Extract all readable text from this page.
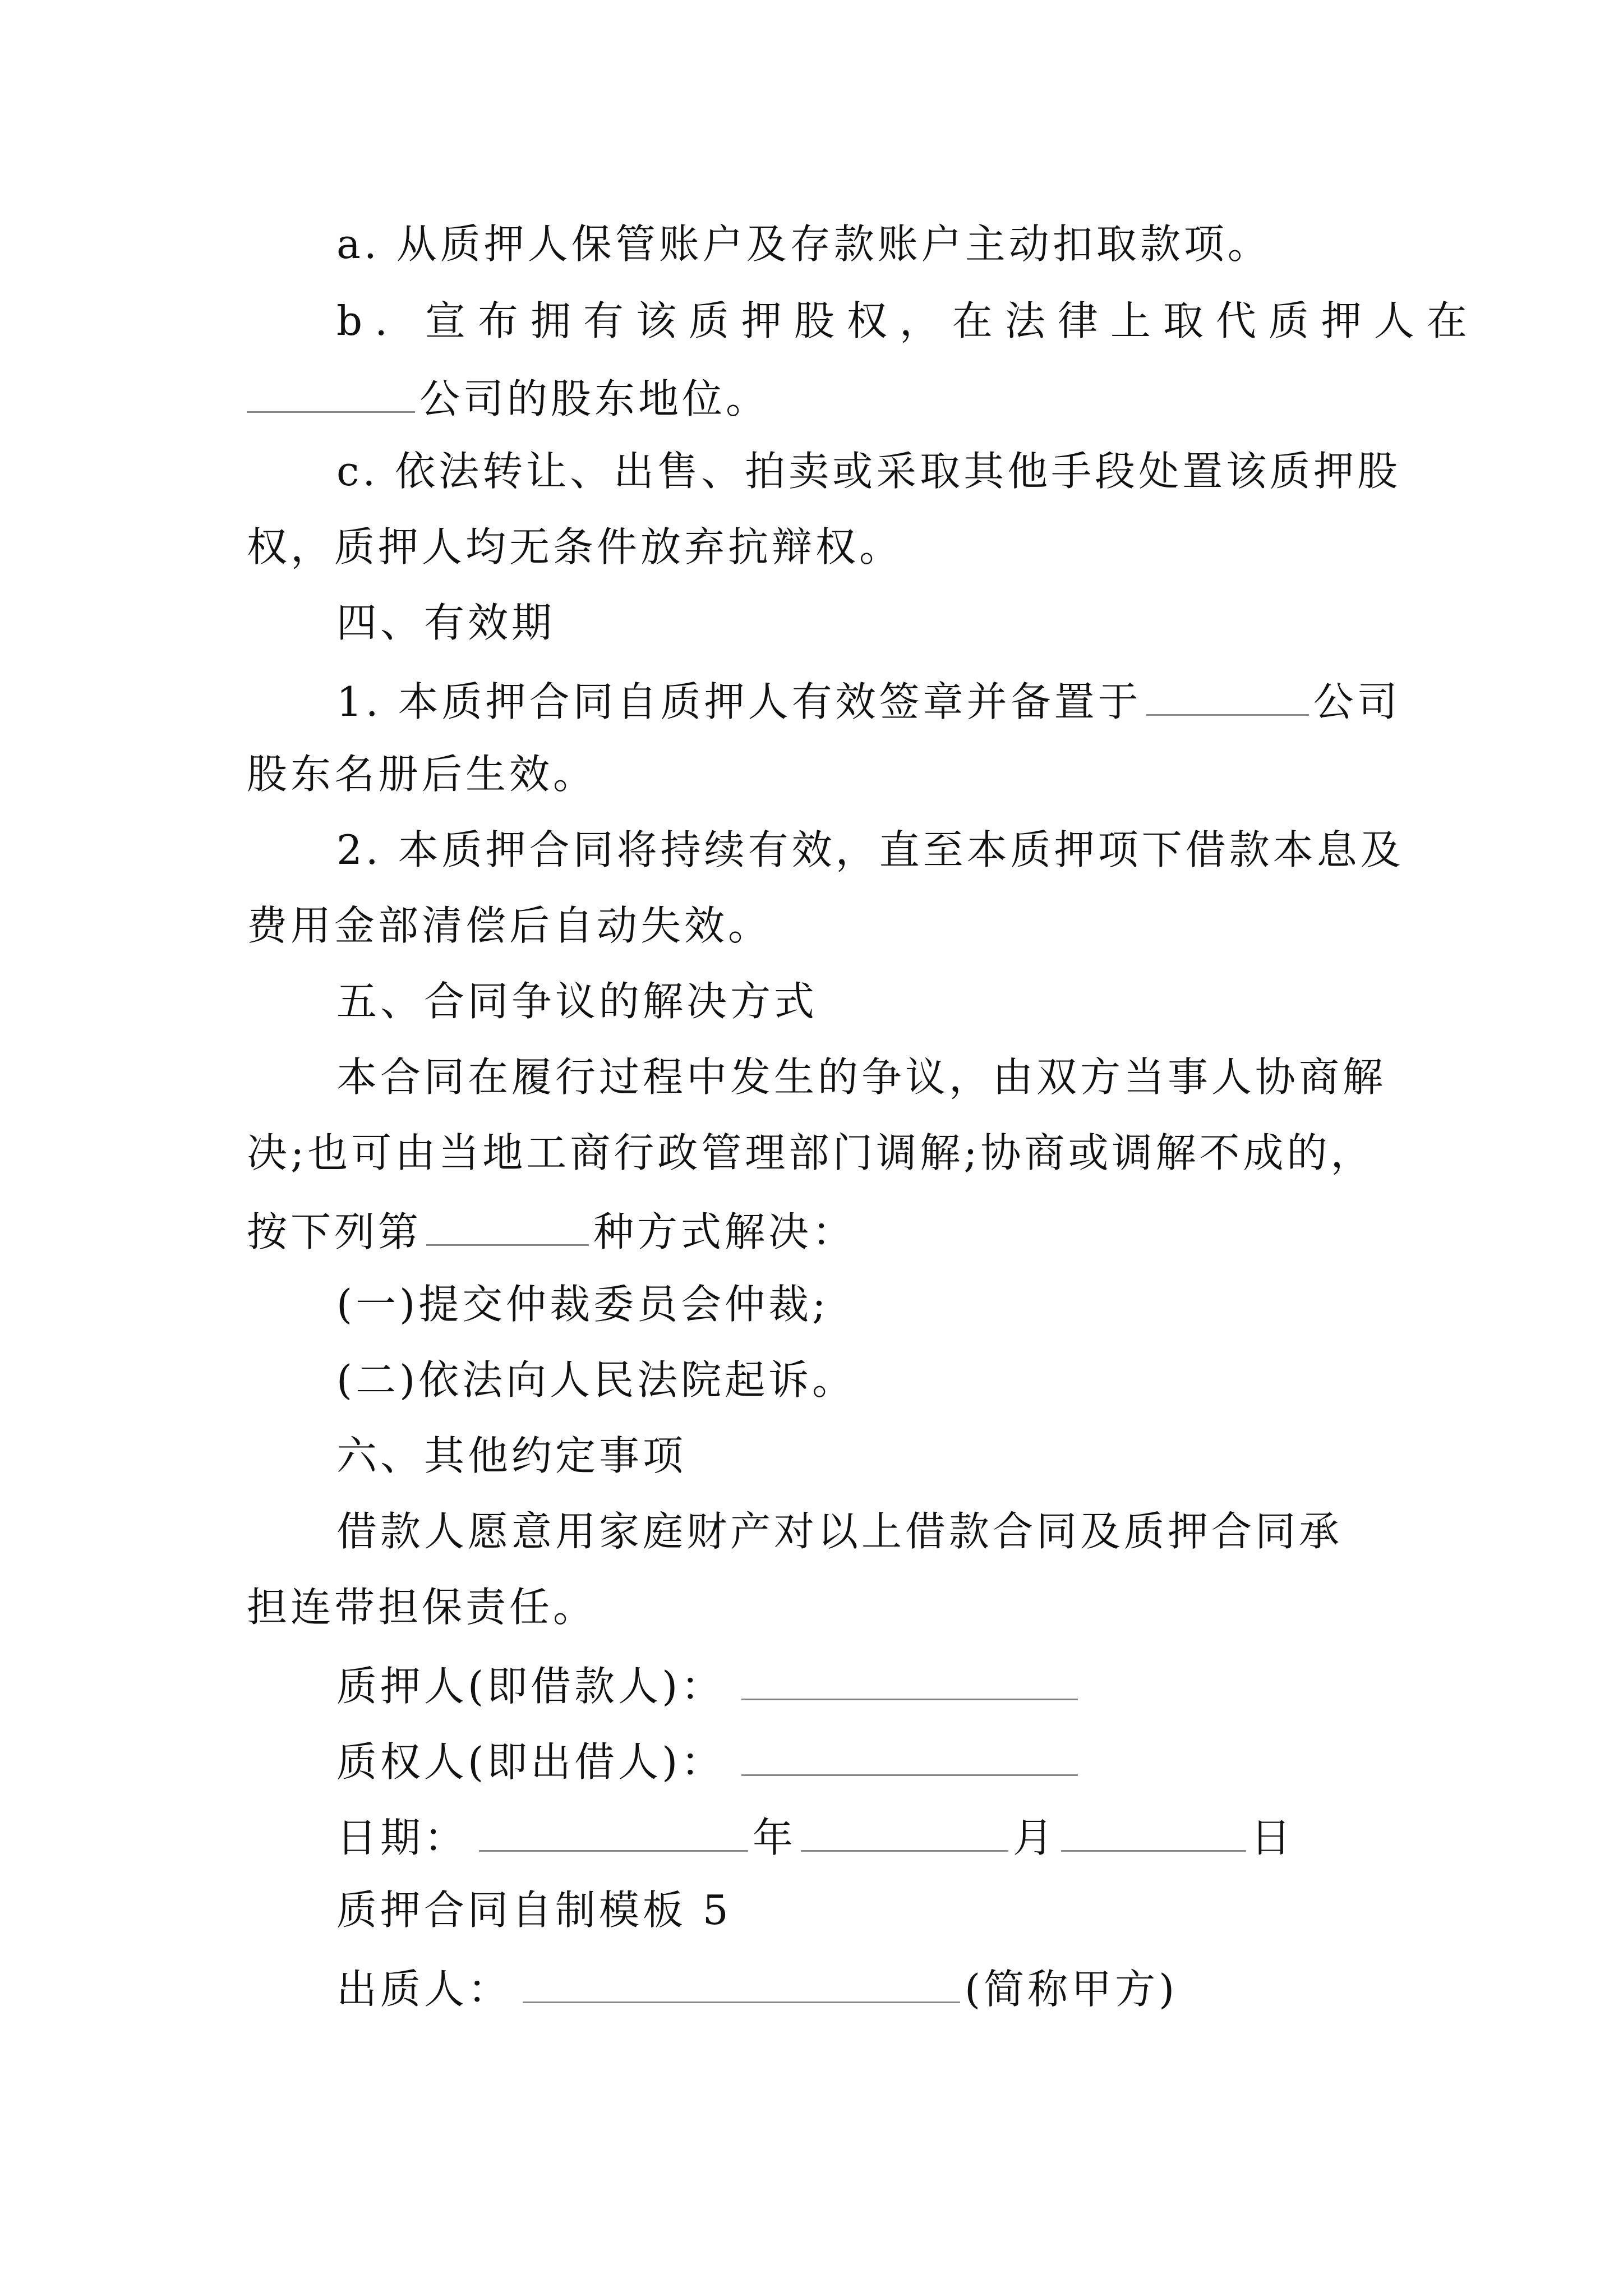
a. 从质押人保管账户及存款账户主动扣取款项。
b. 宣布拥有该质押股权，在法律上取代质押人在
公司的股东地位。
c. 依法转让、出售、拍卖或采取其他手段处置该质押股
权，质押人均无条件放弃抗辩权。
四、有效期
1. 本质押合同自质押人有效签章并备置于	公司
股东名册后生效。
2. 本质押合同将持续有效，直至本质押项下借款本息及
费用金部清偿后自动失效。
五、合同争议的解决方式
本合同在履行过程中发生的争议，由双方当事人协商解
决;也可由当地工商行政管理部门调解;协商或调解不成的，
按下列第	种方式解决：
(一)提交仲裁委员会仲裁;
(二)依法向人民法院起诉。
六、其他约定事项
借款人愿意用家庭财产对以上借款合同及质押合同承
担连带担保责任。
质押人(即借款人)：
质权人(即出借人)：
日期：	年	月	日
质押合同自制模板 5
出质人：	(简称甲方)
